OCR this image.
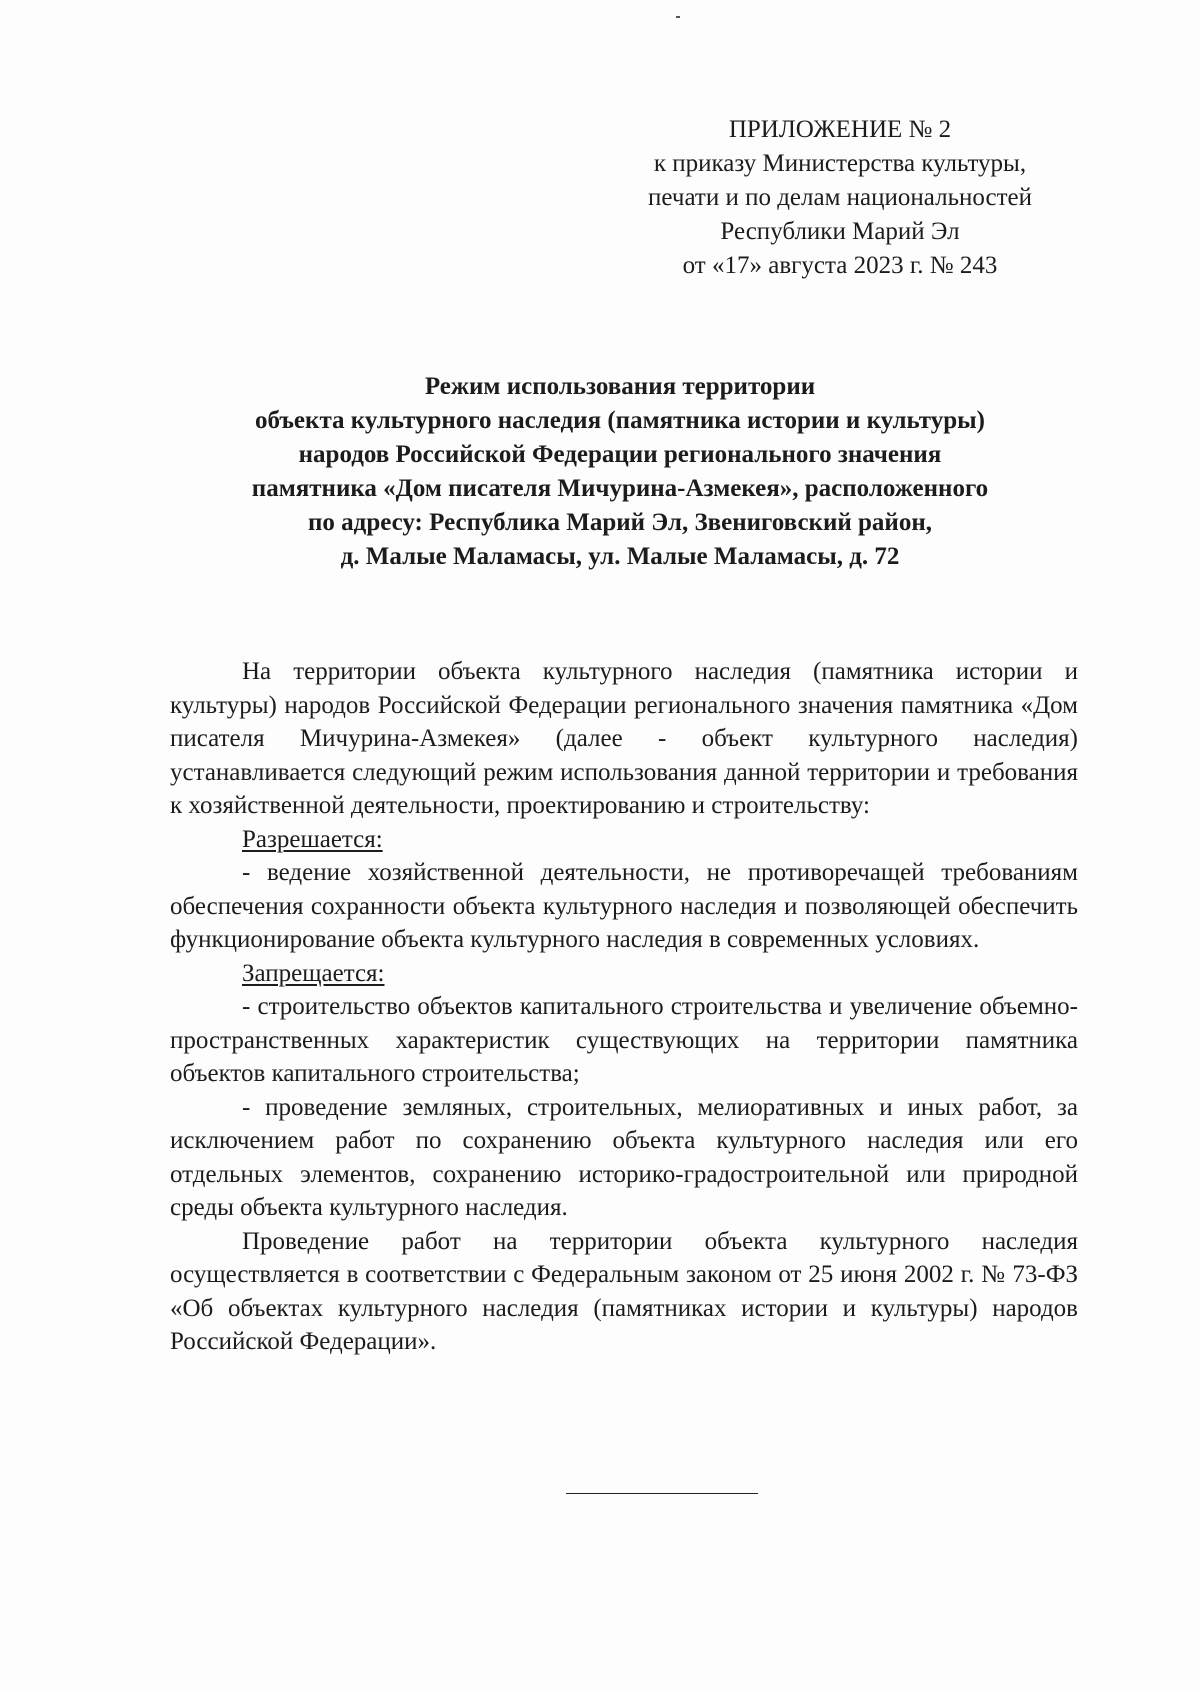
ПРИЛОЖЕНИЕ № 2
к приказу Министерства культуры,
печати и по делам национальностей
Республики Марий Эл
от «17» августа 2023 г. № 243
Режим использования территории
объекта культурного наследия (памятника истории и культуры)
народов Российской Федерации регионального значения
памятника «Дом писателя Мичурина-Азмекея», расположенного
по адресу: Республика Марий Эл, Звениговский район,
д. Малые Маламасы, ул. Малые Маламасы, д. 72

На территории объекта культурного наследия (памятника истории и культуры) народов Российской Федерации регионального значения памятника «Дом писателя Мичурина-Азмекея» (далее - объект культурного наследия) устанавливается следующий режим использования данной территории и требования к хозяйственной деятельности, проектированию и строительству:

Разрешается:

- ведение хозяйственной деятельности, не противоречащей требованиям обеспечения сохранности объекта культурного наследия и позволяющей обеспечить функционирование объекта культурного наследия в современных условиях.

Запрещается:

- строительство объектов капитального строительства и увеличение объемно-пространственных характеристик существующих на территории памятника объектов капитального строительства;

- проведение земляных, строительных, мелиоративных и иных работ, за исключением работ по сохранению объекта культурного наследия или его отдельных элементов, сохранению историко-градостроительной или природной среды объекта культурного наследия.

Проведение работ на территории объекта культурного наследия осуществляется в соответствии с Федеральным законом от 25 июня 2002 г. № 73-ФЗ «Об объектах культурного наследия (памятниках истории и культуры) народов Российской Федерации».
